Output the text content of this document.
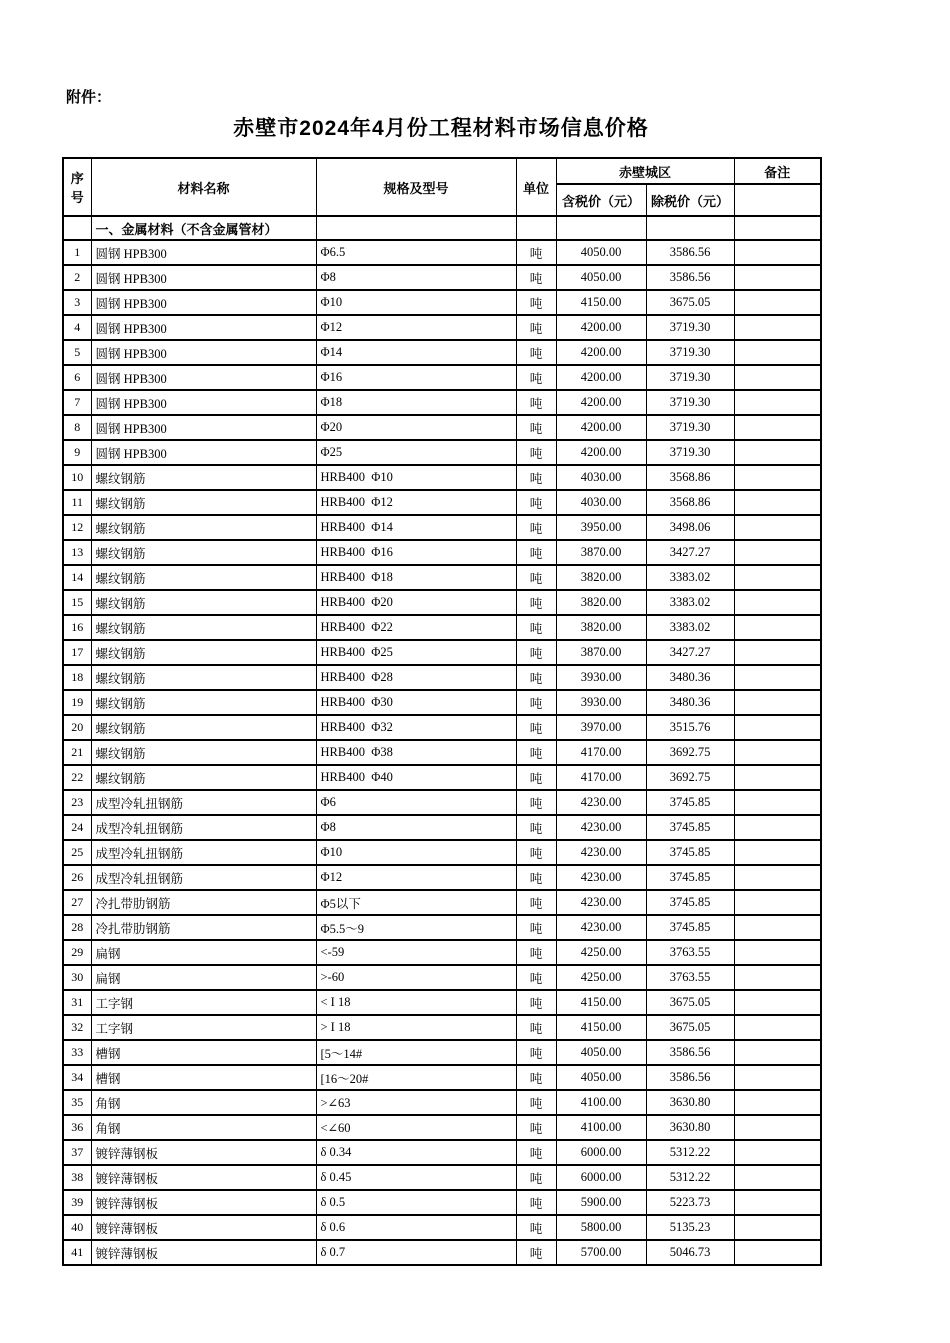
附件：
赤壁市2024年4月份工程材料市场信息价格
序号	材料名称	规格及型号	单位	赤壁城区		备注
				含税价（元）	除税价（元）	
	一、金属材料（不含金属管材）					
1	圆钢 HPB300	Φ6.5	吨	4050.00	3586.56	
2	圆钢 HPB300	Φ8	吨	4050.00	3586.56	
3	圆钢 HPB300	Φ10	吨	4150.00	3675.05	
4	圆钢 HPB300	Φ12	吨	4200.00	3719.30	
5	圆钢 HPB300	Φ14	吨	4200.00	3719.30	
6	圆钢 HPB300	Φ16	吨	4200.00	3719.30	
7	圆钢 HPB300	Φ18	吨	4200.00	3719.30	
8	圆钢 HPB300	Φ20	吨	4200.00	3719.30	
9	圆钢 HPB300	Φ25	吨	4200.00	3719.30	
10	螺纹钢筋	HRB400  Φ10	吨	4030.00	3568.86	
11	螺纹钢筋	HRB400  Φ12	吨	4030.00	3568.86	
12	螺纹钢筋	HRB400  Φ14	吨	3950.00	3498.06	
13	螺纹钢筋	HRB400  Φ16	吨	3870.00	3427.27	
14	螺纹钢筋	HRB400  Φ18	吨	3820.00	3383.02	
15	螺纹钢筋	HRB400  Φ20	吨	3820.00	3383.02	
16	螺纹钢筋	HRB400  Φ22	吨	3820.00	3383.02	
17	螺纹钢筋	HRB400  Φ25	吨	3870.00	3427.27	
18	螺纹钢筋	HRB400  Φ28	吨	3930.00	3480.36	
19	螺纹钢筋	HRB400  Φ30	吨	3930.00	3480.36	
20	螺纹钢筋	HRB400  Φ32	吨	3970.00	3515.76	
21	螺纹钢筋	HRB400  Φ38	吨	4170.00	3692.75	
22	螺纹钢筋	HRB400  Φ40	吨	4170.00	3692.75	
23	成型冷轧扭钢筋	Φ6	吨	4230.00	3745.85	
24	成型冷轧扭钢筋	Φ8	吨	4230.00	3745.85	
25	成型冷轧扭钢筋	Φ10	吨	4230.00	3745.85	
26	成型冷轧扭钢筋	Φ12	吨	4230.00	3745.85	
27	冷扎带肋钢筋	Φ5以下	吨	4230.00	3745.85	
28	冷扎带肋钢筋	Φ5.5～9	吨	4230.00	3745.85	
29	扁钢	<-59	吨	4250.00	3763.55	
30	扁钢	>-60	吨	4250.00	3763.55	
31	工字钢	< I 18	吨	4150.00	3675.05	
32	工字钢	> I 18	吨	4150.00	3675.05	
33	槽钢	[5～14#	吨	4050.00	3586.56	
34	槽钢	[16～20#	吨	4050.00	3586.56	
35	角钢	>∠63	吨	4100.00	3630.80	
36	角钢	<∠60	吨	4100.00	3630.80	
37	镀锌薄钢板	δ 0.34	吨	6000.00	5312.22	
38	镀锌薄钢板	δ 0.45	吨	6000.00	5312.22	
39	镀锌薄钢板	δ 0.5	吨	5900.00	5223.73	
40	镀锌薄钢板	δ 0.6	吨	5800.00	5135.23	
41	镀锌薄钢板	δ 0.7	吨	5700.00	5046.73	
